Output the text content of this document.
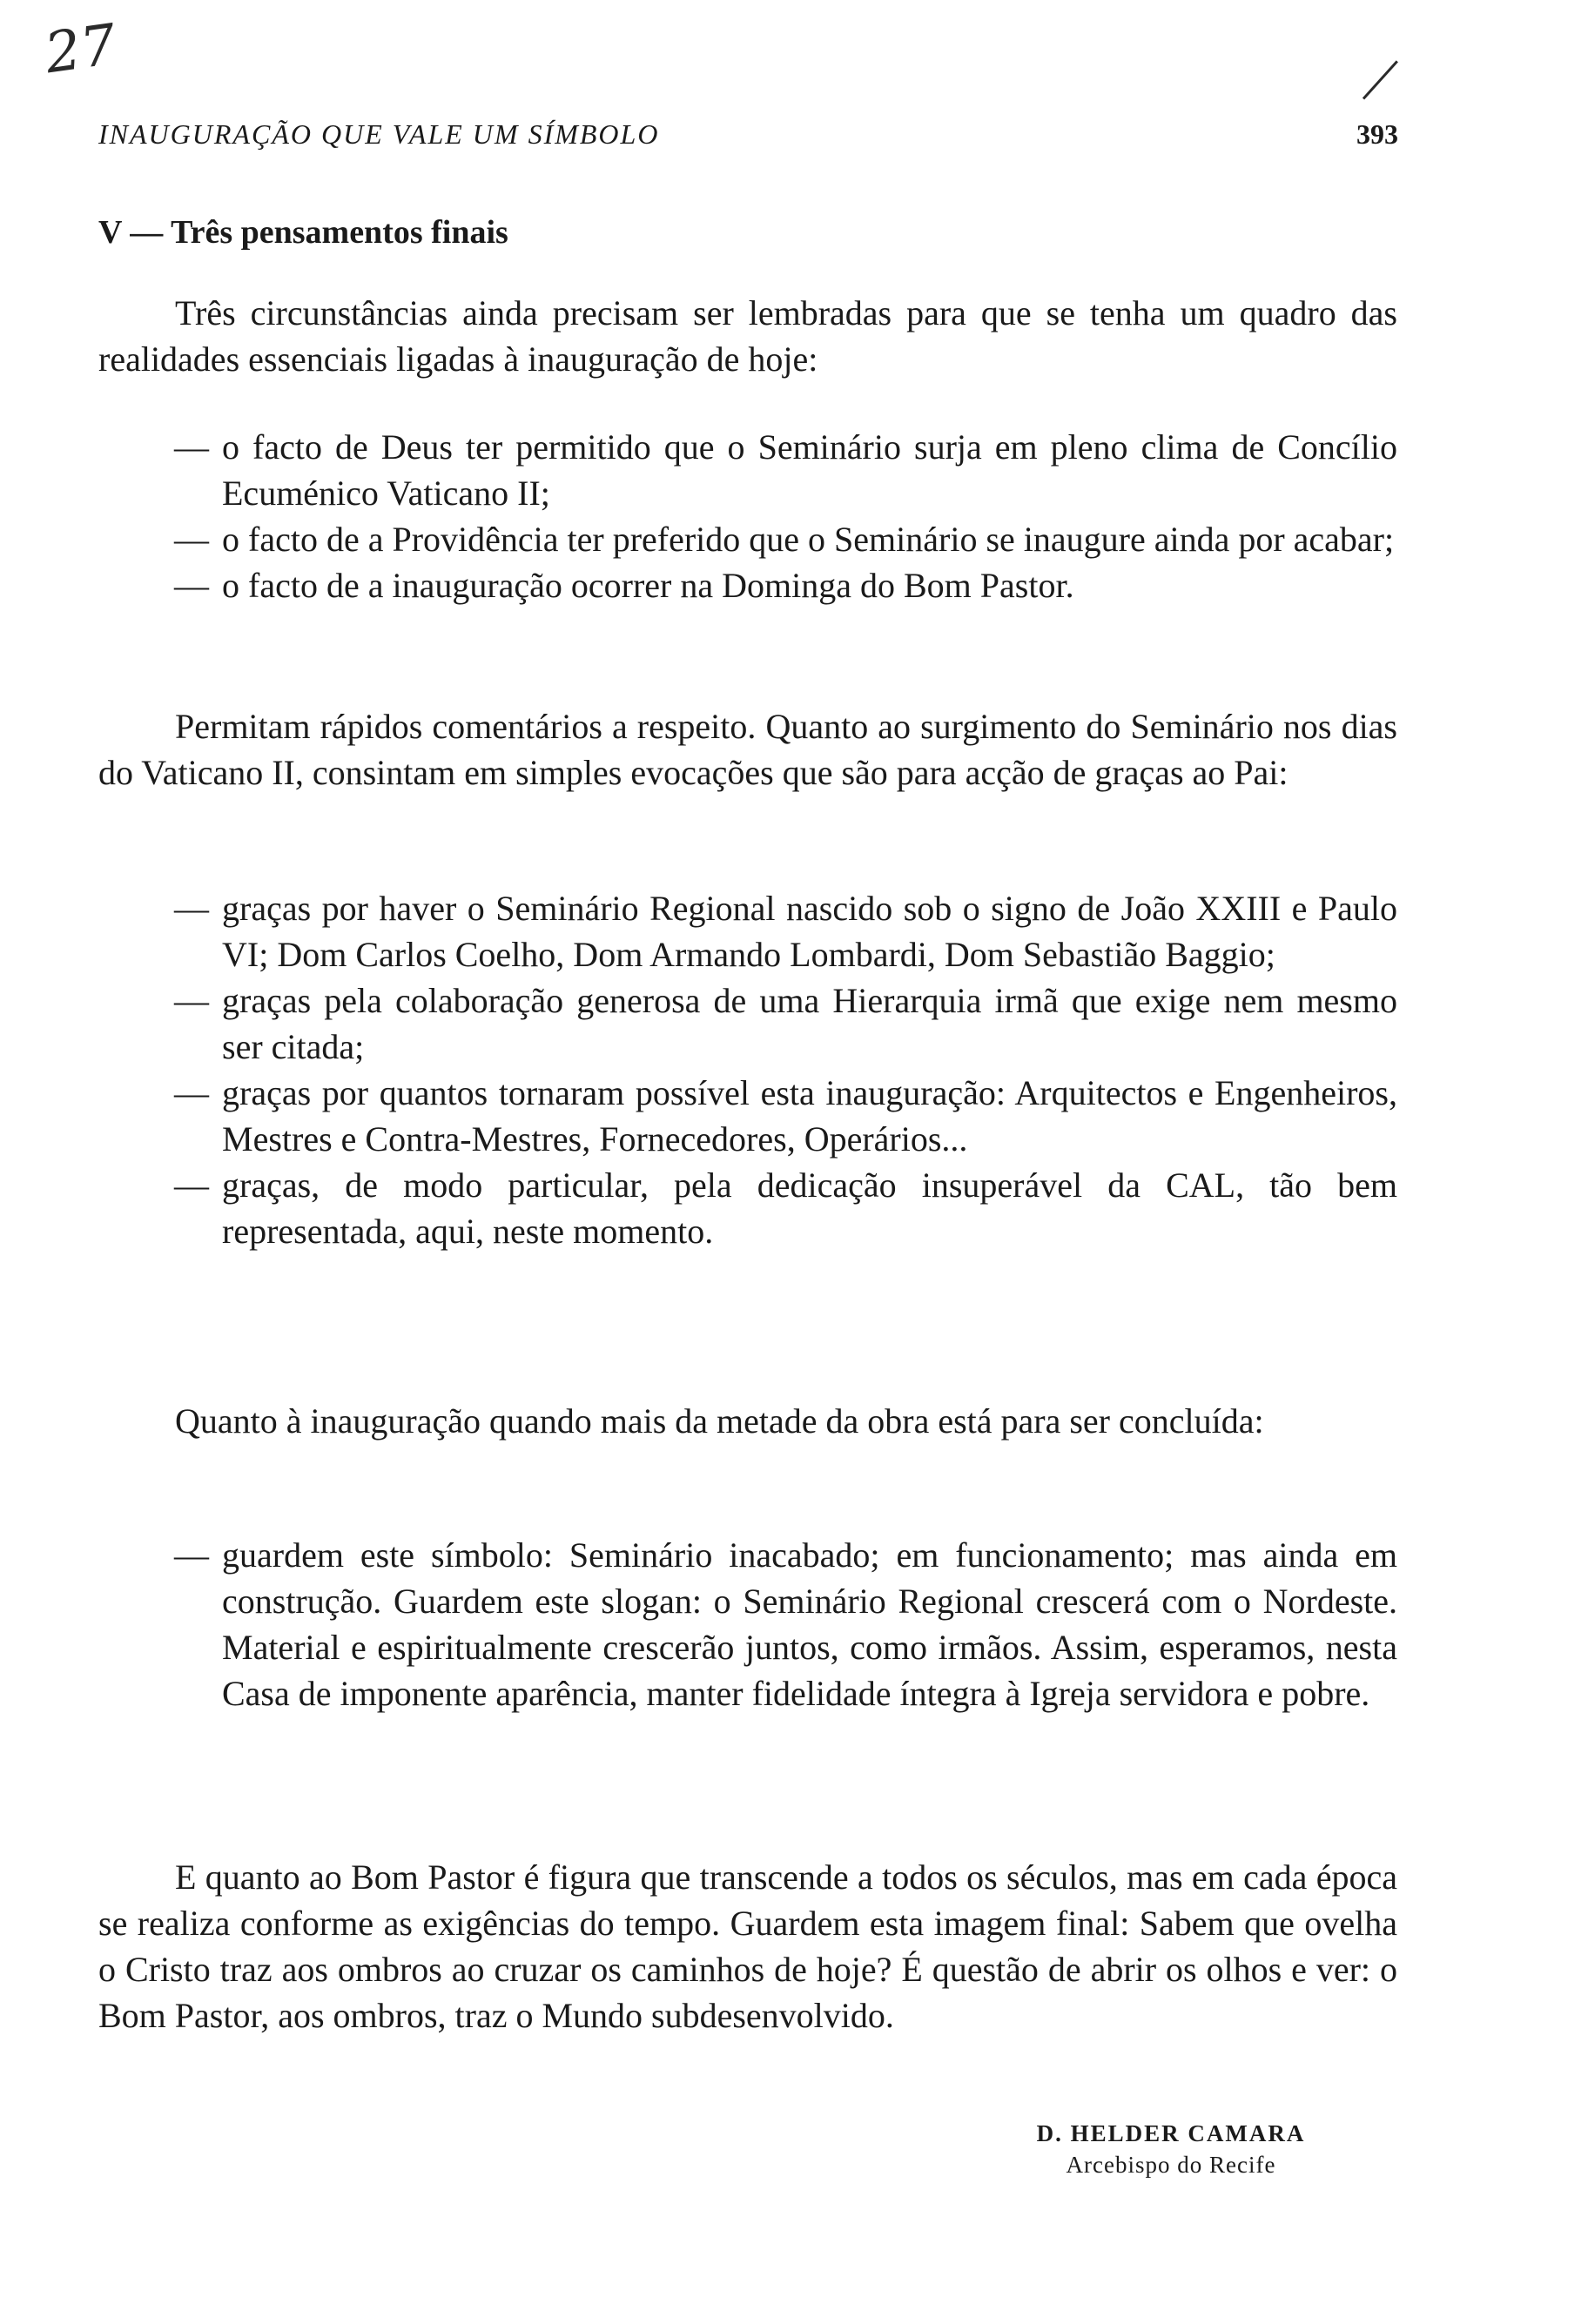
27
INAUGURAÇÃO QUE VALE UM SÍMBOLO	393
V — Três pensamentos finais

Três circunstâncias ainda precisam ser lembradas para que se tenha um quadro das realidades essenciais ligadas à inauguração de hoje:

— o facto de Deus ter permitido que o Seminário surja em pleno clima de Concílio Ecuménico Vaticano II;
— o facto de a Providência ter preferido que o Seminário se inaugure ainda por acabar;
— o facto de a inauguração ocorrer na Dominga do Bom Pastor.

Permitam rápidos comentários a respeito. Quanto ao surgimento do Seminário nos dias do Vaticano II, consintam em simples evocações que são para acção de graças ao Pai:

— graças por haver o Seminário Regional nascido sob o signo de João XXIII e Paulo VI; Dom Carlos Coelho, Dom Armando Lombardi, Dom Sebastião Baggio;
— graças pela colaboração generosa de uma Hierarquia irmã que exige nem mesmo ser citada;
— graças por quantos tornaram possível esta inauguração: Arquitectos e Engenheiros, Mestres e Contra-Mestres, Fornecedores, Operários...
— graças, de modo particular, pela dedicação insuperável da CAL, tão bem representada, aqui, neste momento.

Quanto à inauguração quando mais da metade da obra está para ser concluída:

— guardem este símbolo: Seminário inacabado; em funcionamento; mas ainda em construção. Guardem este slogan: o Seminário Regional crescerá com o Nordeste. Material e espiritualmente crescerão juntos, como irmãos. Assim, esperamos, nesta Casa de imponente aparência, manter fidelidade íntegra à Igreja servidora e pobre.

E quanto ao Bom Pastor é figura que transcende a todos os séculos, mas em cada época se realiza conforme as exigências do tempo. Guardem esta imagem final: Sabem que ovelha o Cristo traz aos ombros ao cruzar os caminhos de hoje? É questão de abrir os olhos e ver: o Bom Pastor, aos ombros, traz o Mundo subdesenvolvido.

D. HELDER CAMARA
Arcebispo do Recife
